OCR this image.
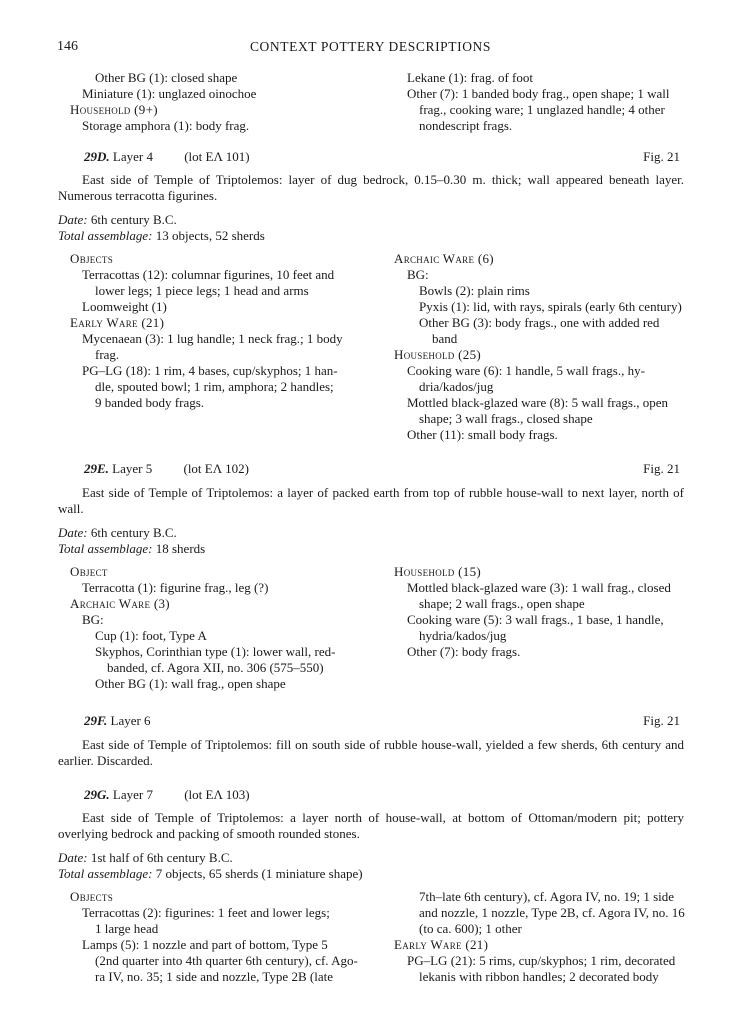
146	CONTEXT POTTERY DESCRIPTIONS
Other BG (1): closed shape
Miniature (1): unglazed oinochoe
Household (9+)
Storage amphora (1): body frag.
Lekane (1): frag. of foot
Other (7): 1 banded body frag., open shape; 1 wall
frag., cooking ware; 1 unglazed handle; 4 other
nondescript frags.
29D. Layer 4 (lot EΛ 101)	Fig. 21
East side of Temple of Triptolemos: layer of dug bedrock, 0.15–0.30 m. thick; wall appeared beneath layer. Numerous terracotta figurines.
Date: 6th century B.C.
Total assemblage: 13 objects, 52 sherds
Objects
Terracottas (12): columnar figurines, 10 feet and
lower legs; 1 piece legs; 1 head and arms
Loomweight (1)
Early Ware (21)
Mycenaean (3): 1 lug handle; 1 neck frag.; 1 body
frag.
PG–LG (18): 1 rim, 4 bases, cup/skyphos; 1 han-
dle, spouted bowl; 1 rim, amphora; 2 handles;
9 banded body frags.
Archaic Ware (6)
BG:
Bowls (2): plain rims
Pyxis (1): lid, with rays, spirals (early 6th century)
Other BG (3): body frags., one with added red
band
Household (25)
Cooking ware (6): 1 handle, 5 wall frags., hy-
dria/kados/jug
Mottled black-glazed ware (8): 5 wall frags., open
shape; 3 wall frags., closed shape
Other (11): small body frags.
29E. Layer 5 (lot EΛ 102)	Fig. 21
East side of Temple of Triptolemos: a layer of packed earth from top of rubble house-wall to next layer, north of wall.
Date: 6th century B.C.
Total assemblage: 18 sherds
Object
Terracotta (1): figurine frag., leg (?)
Archaic Ware (3)
BG:
Cup (1): foot, Type A
Skyphos, Corinthian type (1): lower wall, red-
banded, cf. Agora XII, no. 306 (575–550)
Other BG (1): wall frag., open shape
Household (15)
Mottled black-glazed ware (3): 1 wall frag., closed
shape; 2 wall frags., open shape
Cooking ware (5): 3 wall frags., 1 base, 1 handle,
hydria/kados/jug
Other (7): body frags.
29F. Layer 6	Fig. 21
East side of Temple of Triptolemos: fill on south side of rubble house-wall, yielded a few sherds, 6th century and earlier. Discarded.
29G. Layer 7 (lot EΛ 103)
East side of Temple of Triptolemos: a layer north of house-wall, at bottom of Ottoman/modern pit; pottery overlying bedrock and packing of smooth rounded stones.
Date: 1st half of 6th century B.C.
Total assemblage: 7 objects, 65 sherds (1 miniature shape)
Objects
Terracottas (2): figurines: 1 feet and lower legs;
1 large head
Lamps (5): 1 nozzle and part of bottom, Type 5
(2nd quarter into 4th quarter 6th century), cf. Ago-
ra IV, no. 35; 1 side and nozzle, Type 2B (late
7th–late 6th century), cf. Agora IV, no. 19; 1 side
and nozzle, 1 nozzle, Type 2B, cf. Agora IV, no. 16
(to ca. 600); 1 other
Early Ware (21)
PG–LG (21): 5 rims, cup/skyphos; 1 rim, decorated
lekanis with ribbon handles; 2 decorated body
